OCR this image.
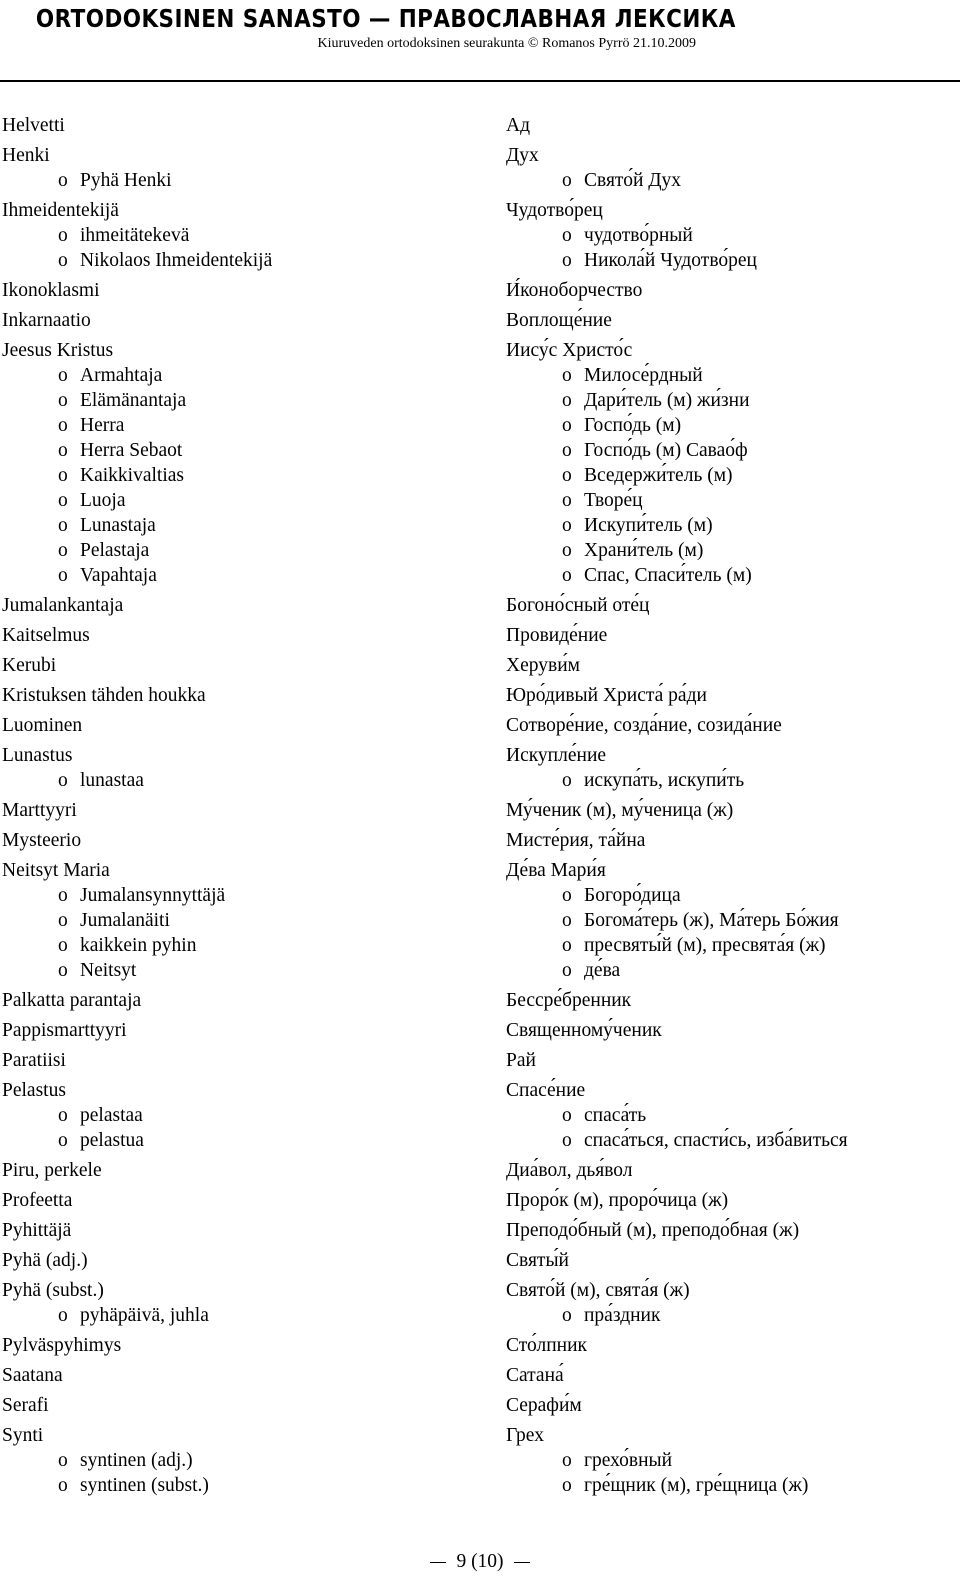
ORTODOKSINEN SANASTO — ПРАВОСЛАВНАЯ ЛЕКСИКА
Kiuruveden ortodoksinen seurakunta © Romanos Pyrrö 21.10.2009
Helvetti
Henki
o Pyhä Henki
Ihmeidentekijä
o ihmeitätekevä
o Nikolaos Ihmeidentekijä
Ikonoklasmi
Inkarnaatio
Jeesus Kristus
o Armahtaja
o Elämänantaja
o Herra
o Herra Sebaot
o Kaikkivaltias
o Luoja
o Lunastaja
o Pelastaja
o Vapahtaja
Jumalankantaja
Kaitselmus
Kerubi
Kristuksen tähden houkka
Luominen
Lunastus
o lunastaa
Marttyyri
Mysteerio
Neitsyt Maria
o Jumalansynnyttäjä
o Jumalanäiti
o kaikkein pyhin
o Neitsyt
Palkatta parantaja
Pappismarttyyri
Paratiisi
Pelastus
o pelastaa
o pelastua
Piru, perkele
Profeetta
Pyhittäjä
Pyhä (adj.)
Pyhä (subst.)
o pyhäpäivä, juhla
Pylväspyhimys
Saatana
Serafi
Synti
o syntinen (adj.)
o syntinen (subst.)
Ад
Дух
o Свято́й Дух
Чудотво́рец
o чудотво́рный
o Никола́й Чудотво́рец
И́коноборчество
Воплоще́ние
Иису́с Христо́с
o Милосе́рдный
o Дари́тель (м) жи́зни
o Госпо́дь (м)
o Госпо́дь (м) Савао́ф
o Вседержи́тель (м)
o Творе́ц
o Искупи́тель (м)
o Храни́тель (м)
o Спас, Спаси́тель (м)
Богоно́сный оте́ц
Провиде́ние
Херуви́м
Юро́дивый Христа́ ра́ди
Сотворе́ние, созда́ние, созида́ние
Искупле́ние
o искупа́ть, искупи́ть
Му́ченик (м), му́ченица (ж)
Мисте́рия, та́йна
Де́ва Мари́я
o Богоро́дица
o Богома́терь (ж), Ма́терь Бо́жия
o пресвяты́й (м), пресвята́я (ж)
o де́ва
Бессре́бренник
Священному́ченик
Рай
Спасе́ние
o спаса́ть
o спаса́ться, спасти́сь, изба́виться
Диа́вол, дья́вол
Проро́к (м), проро́чица (ж)
Преподо́бный (м), преподо́бная (ж)
Святы́й
Свято́й (м), свята́я (ж)
o пра́здник
Сто́лпник
Сатана́
Серафи́м
Грех
o грехо́вный
o гре́щник (м), гре́щница (ж)
9 (10)
